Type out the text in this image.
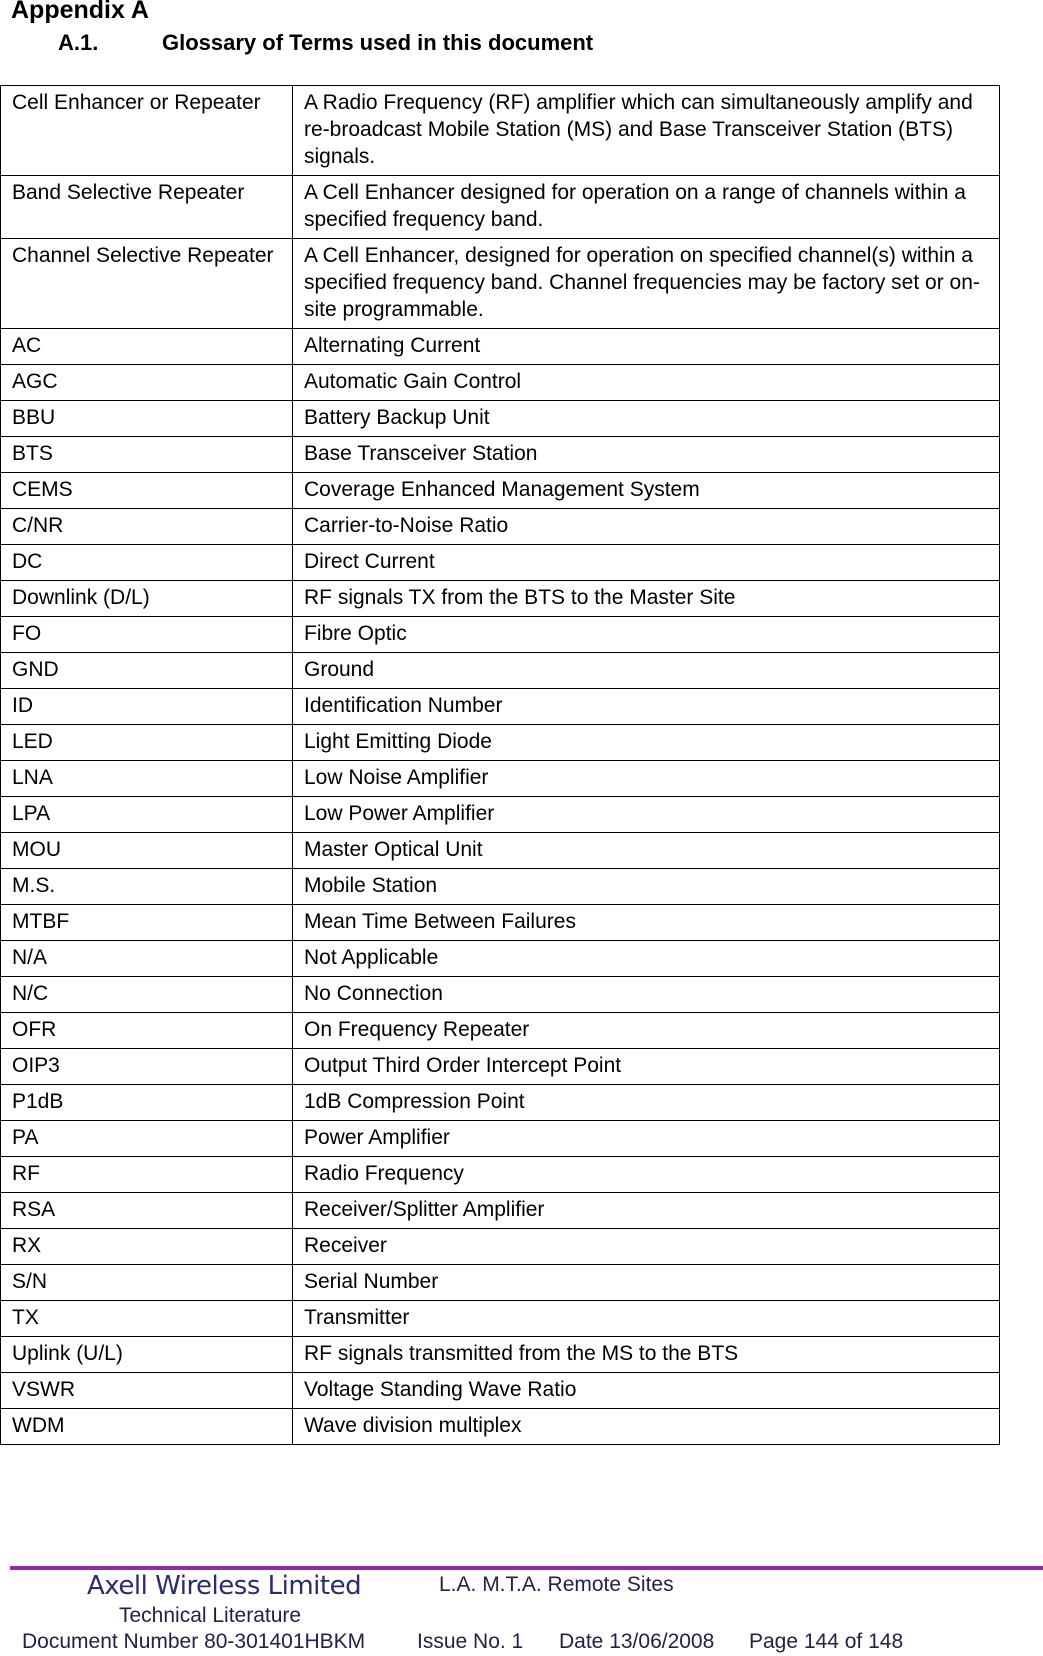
Appendix A
A.1.	Glossary of Terms used in this document
Cell Enhancer or Repeater	A Radio Frequency (RF) amplifier which can simultaneously amplify and re-broadcast Mobile Station (MS) and Base Transceiver Station (BTS) signals.
Band Selective Repeater	A Cell Enhancer designed for operation on a range of channels within a specified frequency band.
Channel Selective Repeater	A Cell Enhancer, designed for operation on specified channel(s) within a specified frequency band. Channel frequencies may be factory set or on-site programmable.
AC	Alternating Current
AGC	Automatic Gain Control
BBU	Battery Backup Unit
BTS	Base Transceiver Station
CEMS	Coverage Enhanced Management System
C/NR	Carrier-to-Noise Ratio
DC	Direct Current
Downlink (D/L)	RF signals TX from the BTS to the Master Site
FO	Fibre Optic
GND	Ground
ID	Identification Number
LED	Light Emitting Diode
LNA	Low Noise Amplifier
LPA	Low Power Amplifier
MOU	Master Optical Unit
M.S.	Mobile Station
MTBF	Mean Time Between Failures
N/A	Not Applicable
N/C	No Connection
OFR	On Frequency Repeater
OIP3	Output Third Order Intercept Point
P1dB	1dB Compression Point
PA	Power Amplifier
RF	Radio Frequency
RSA	Receiver/Splitter Amplifier
RX	Receiver
S/N	Serial Number
TX	Transmitter
Uplink (U/L)	RF signals transmitted from the MS to the BTS
VSWR	Voltage Standing Wave Ratio
WDM	Wave division multiplex
Axell Wireless Limited	L.A. M.T.A. Remote Sites
Technical Literature
Document Number 80-301401HBKM Issue No. 1 Date 13/06/2008 Page 144 of 148
